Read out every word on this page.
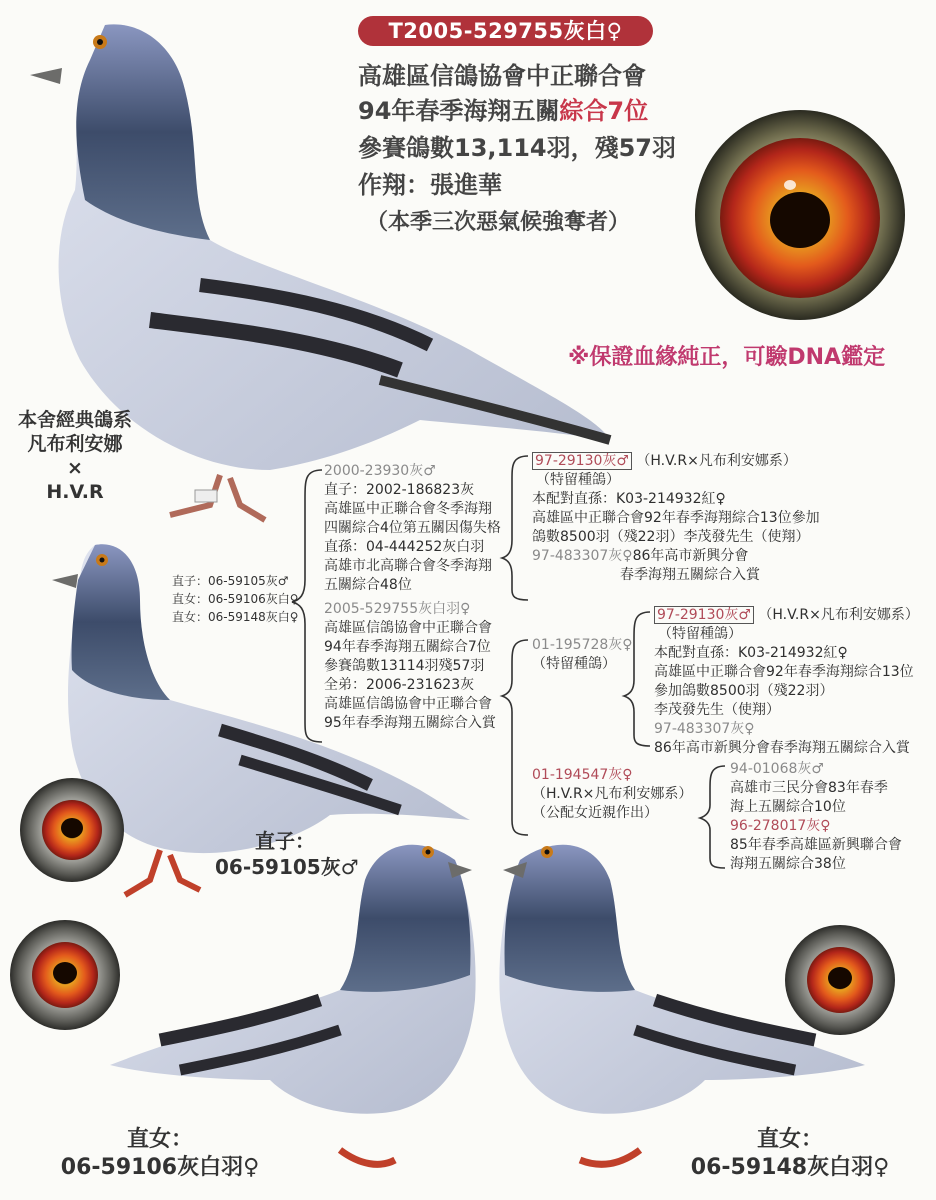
T2005-529755灰白♀
高雄區信鴿協會中正聯合會
94年春季海翔五關綜合7位
參賽鴿數13,114羽，殘57羽
作翔：張進華
（本季三次惡氣候強奪者）
※保證血緣純正，可驗DNA鑑定
本舍經典鴿系
凡布利安娜
×
H.V.R
直子：06-59105灰♂
直女：06-59106灰白♀
直女：06-59148灰白♀
2000-23930灰♂
直子：2002-186823灰
高雄區中正聯合會冬季海翔
四關綜合4位第五關因傷失格
直孫：04-444252灰白羽
高雄市北高聯合會冬季海翔
五關綜合48位
2005-529755灰白羽♀
高雄區信鴿協會中正聯合會
94年春季海翔五關綜合7位
參賽鴿數13114羽殘57羽
全弟：2006-231623灰
高雄區信鴿協會中正聯合會
95年春季海翔五關綜合入賞
97-29130灰♂ （H.V.R×凡布利安娜系）
（特留種鴿）
本配對直孫：K03-214932紅♀
高雄區中正聯合會92年春季海翔綜合13位參加
鴿數8500羽（殘22羽）李茂發先生（使翔）
97-483307灰♀86年高市新興分會
春季海翔五關綜合入賞
01-195728灰♀
（特留種鴿）
97-29130灰♂ （H.V.R×凡布利安娜系）
（特留種鴿）
本配對直孫：K03-214932紅♀
高雄區中正聯合會92年春季海翔綜合13位
參加鴿數8500羽（殘22羽）
李茂發先生（使翔）
97-483307灰♀
86年高市新興分會春季海翔五關綜合入賞
01-194547灰♀
（H.V.R×凡布利安娜系）
（公配女近親作出）
94-01068灰♂
高雄市三民分會83年春季
海上五關綜合10位
96-278017灰♀
85年春季高雄區新興聯合會
海翔五關綜合38位
直子：
06-59105灰♂
直女：
06-59106灰白羽♀
直女：
06-59148灰白羽♀
